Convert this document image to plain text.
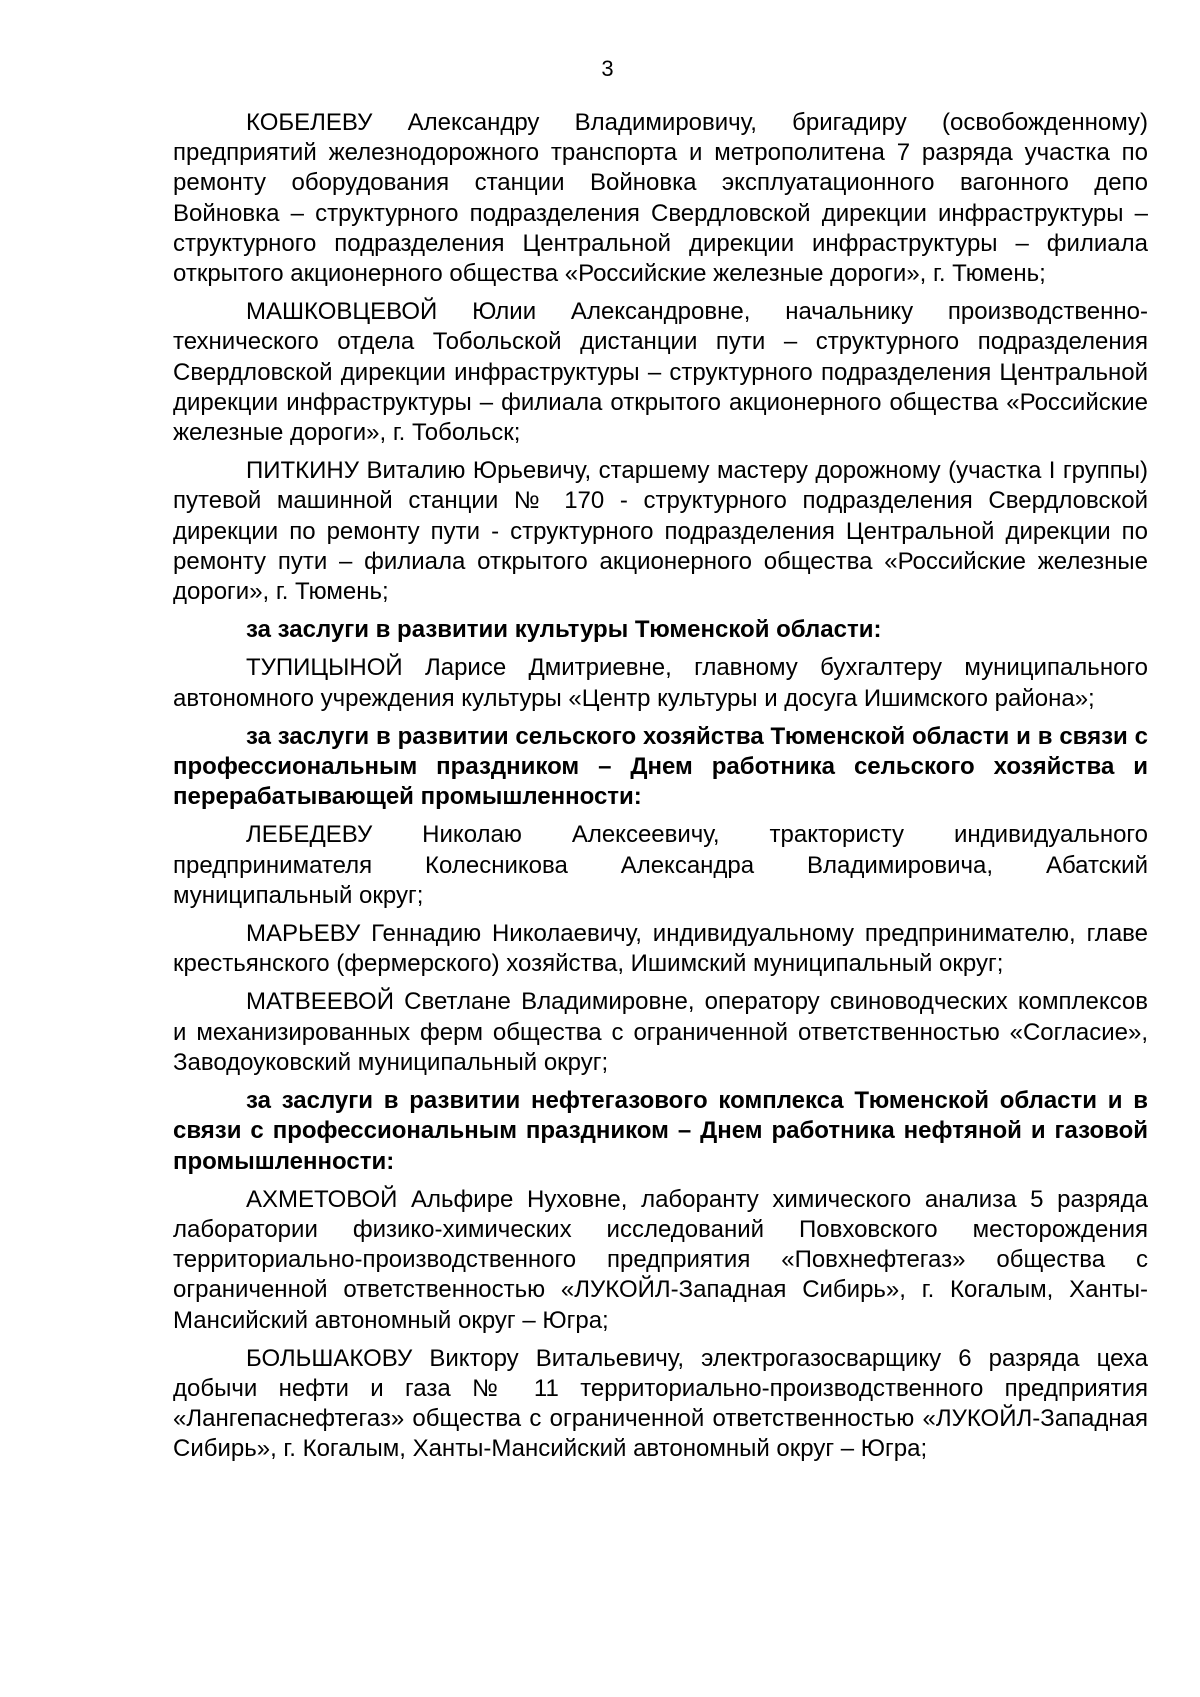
3

КОБЕЛЕВУ Александру Владимировичу, бригадиру (освобожденному) предприятий железнодорожного транспорта и метрополитена 7 разряда участка по ремонту оборудования станции Войновка эксплуатационного вагонного депо Войновка – структурного подразделения Свердловской дирекции инфраструктуры – структурного подразделения Центральной дирекции инфраструктуры – филиала открытого акционерного общества «Российские железные дороги», г. Тюмень;

МАШКОВЦЕВОЙ Юлии Александровне, начальнику производственно-технического отдела Тобольской дистанции пути – структурного подразделения Свердловской дирекции инфраструктуры – структурного подразделения Центральной дирекции инфраструктуры – филиала открытого акционерного общества «Российские железные дороги», г. Тобольск;

ПИТКИНУ Виталию Юрьевичу, старшему мастеру дорожному (участка I группы) путевой машинной станции № 170 - структурного подразделения Свердловской дирекции по ремонту пути - структурного подразделения Центральной дирекции по ремонту пути – филиала открытого акционерного общества «Российские железные дороги», г. Тюмень;

за заслуги в развитии культуры Тюменской области:

ТУПИЦЫНОЙ Ларисе Дмитриевне, главному бухгалтеру муниципального автономного учреждения культуры «Центр культуры и досуга Ишимского района»;

за заслуги в развитии сельского хозяйства Тюменской области и в связи с профессиональным праздником – Днем работника сельского хозяйства и перерабатывающей промышленности:

ЛЕБЕДЕВУ Николаю Алексеевичу, трактористу индивидуального предпринимателя Колесникова Александра Владимировича, Абатский муниципальный округ;

МАРЬЕВУ Геннадию Николаевичу, индивидуальному предпринимателю, главе крестьянского (фермерского) хозяйства, Ишимский муниципальный округ;

МАТВЕЕВОЙ Светлане Владимировне, оператору свиноводческих комплексов и механизированных ферм общества с ограниченной ответственностью «Согласие», Заводоуковский муниципальный округ;

за заслуги в развитии нефтегазового комплекса Тюменской области и в связи с профессиональным праздником – Днем работника нефтяной и газовой промышленности:

АХМЕТОВОЙ Альфире Нуховне, лаборанту химического анализа 5 разряда лаборатории физико-химических исследований Повховского месторождения территориально-производственного предприятия «Повхнефтегаз» общества с ограниченной ответственностью «ЛУКОЙЛ-Западная Сибирь», г. Когалым, Ханты-Мансийский автономный округ – Югра;

БОЛЬШАКОВУ Виктору Витальевичу, электрогазосварщику 6 разряда цеха добычи нефти и газа № 11 территориально-производственного предприятия «Лангепаснефтегаз» общества с ограниченной ответственностью «ЛУКОЙЛ-Западная Сибирь», г. Когалым, Ханты-Мансийский автономный округ – Югра;
